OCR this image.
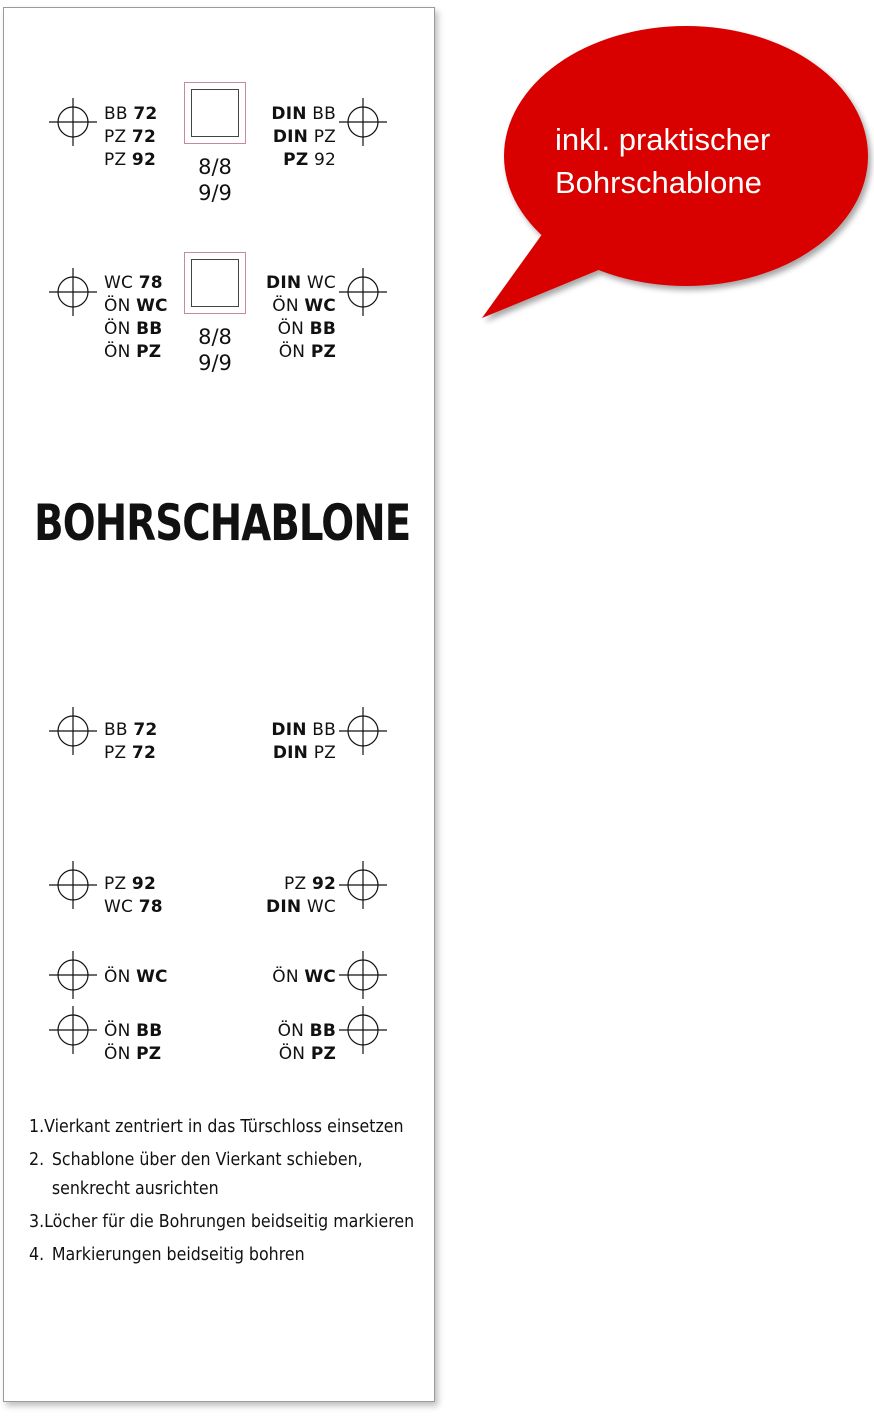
BB 72
PZ 72
PZ 92	8/8
9/9
DIN BB
DIN PZ
PZ 92
WC 78
ÖN WC
ÖN BB
ÖN PZ
8/8
9/9
DIN WC
ÖN WC
ÖN BB
ÖN PZ
BOHRSCHABLONE
BB 72
PZ 72
DIN BB
DIN PZ
PZ 92
WC 78
PZ 92
DIN WC
ÖN WC	ÖN WC
ÖN BB
ÖN PZ
ÖN BB
ÖN PZ
1. Vierkant zentriert in das Türschloss einsetzen
2. Schablone über den Vierkant schieben,
senkrecht ausrichten
3. Löcher für die Bohrungen beidseitig markieren
4. Markierungen beidseitig bohren
inkl. praktischer
Bohrschablone
